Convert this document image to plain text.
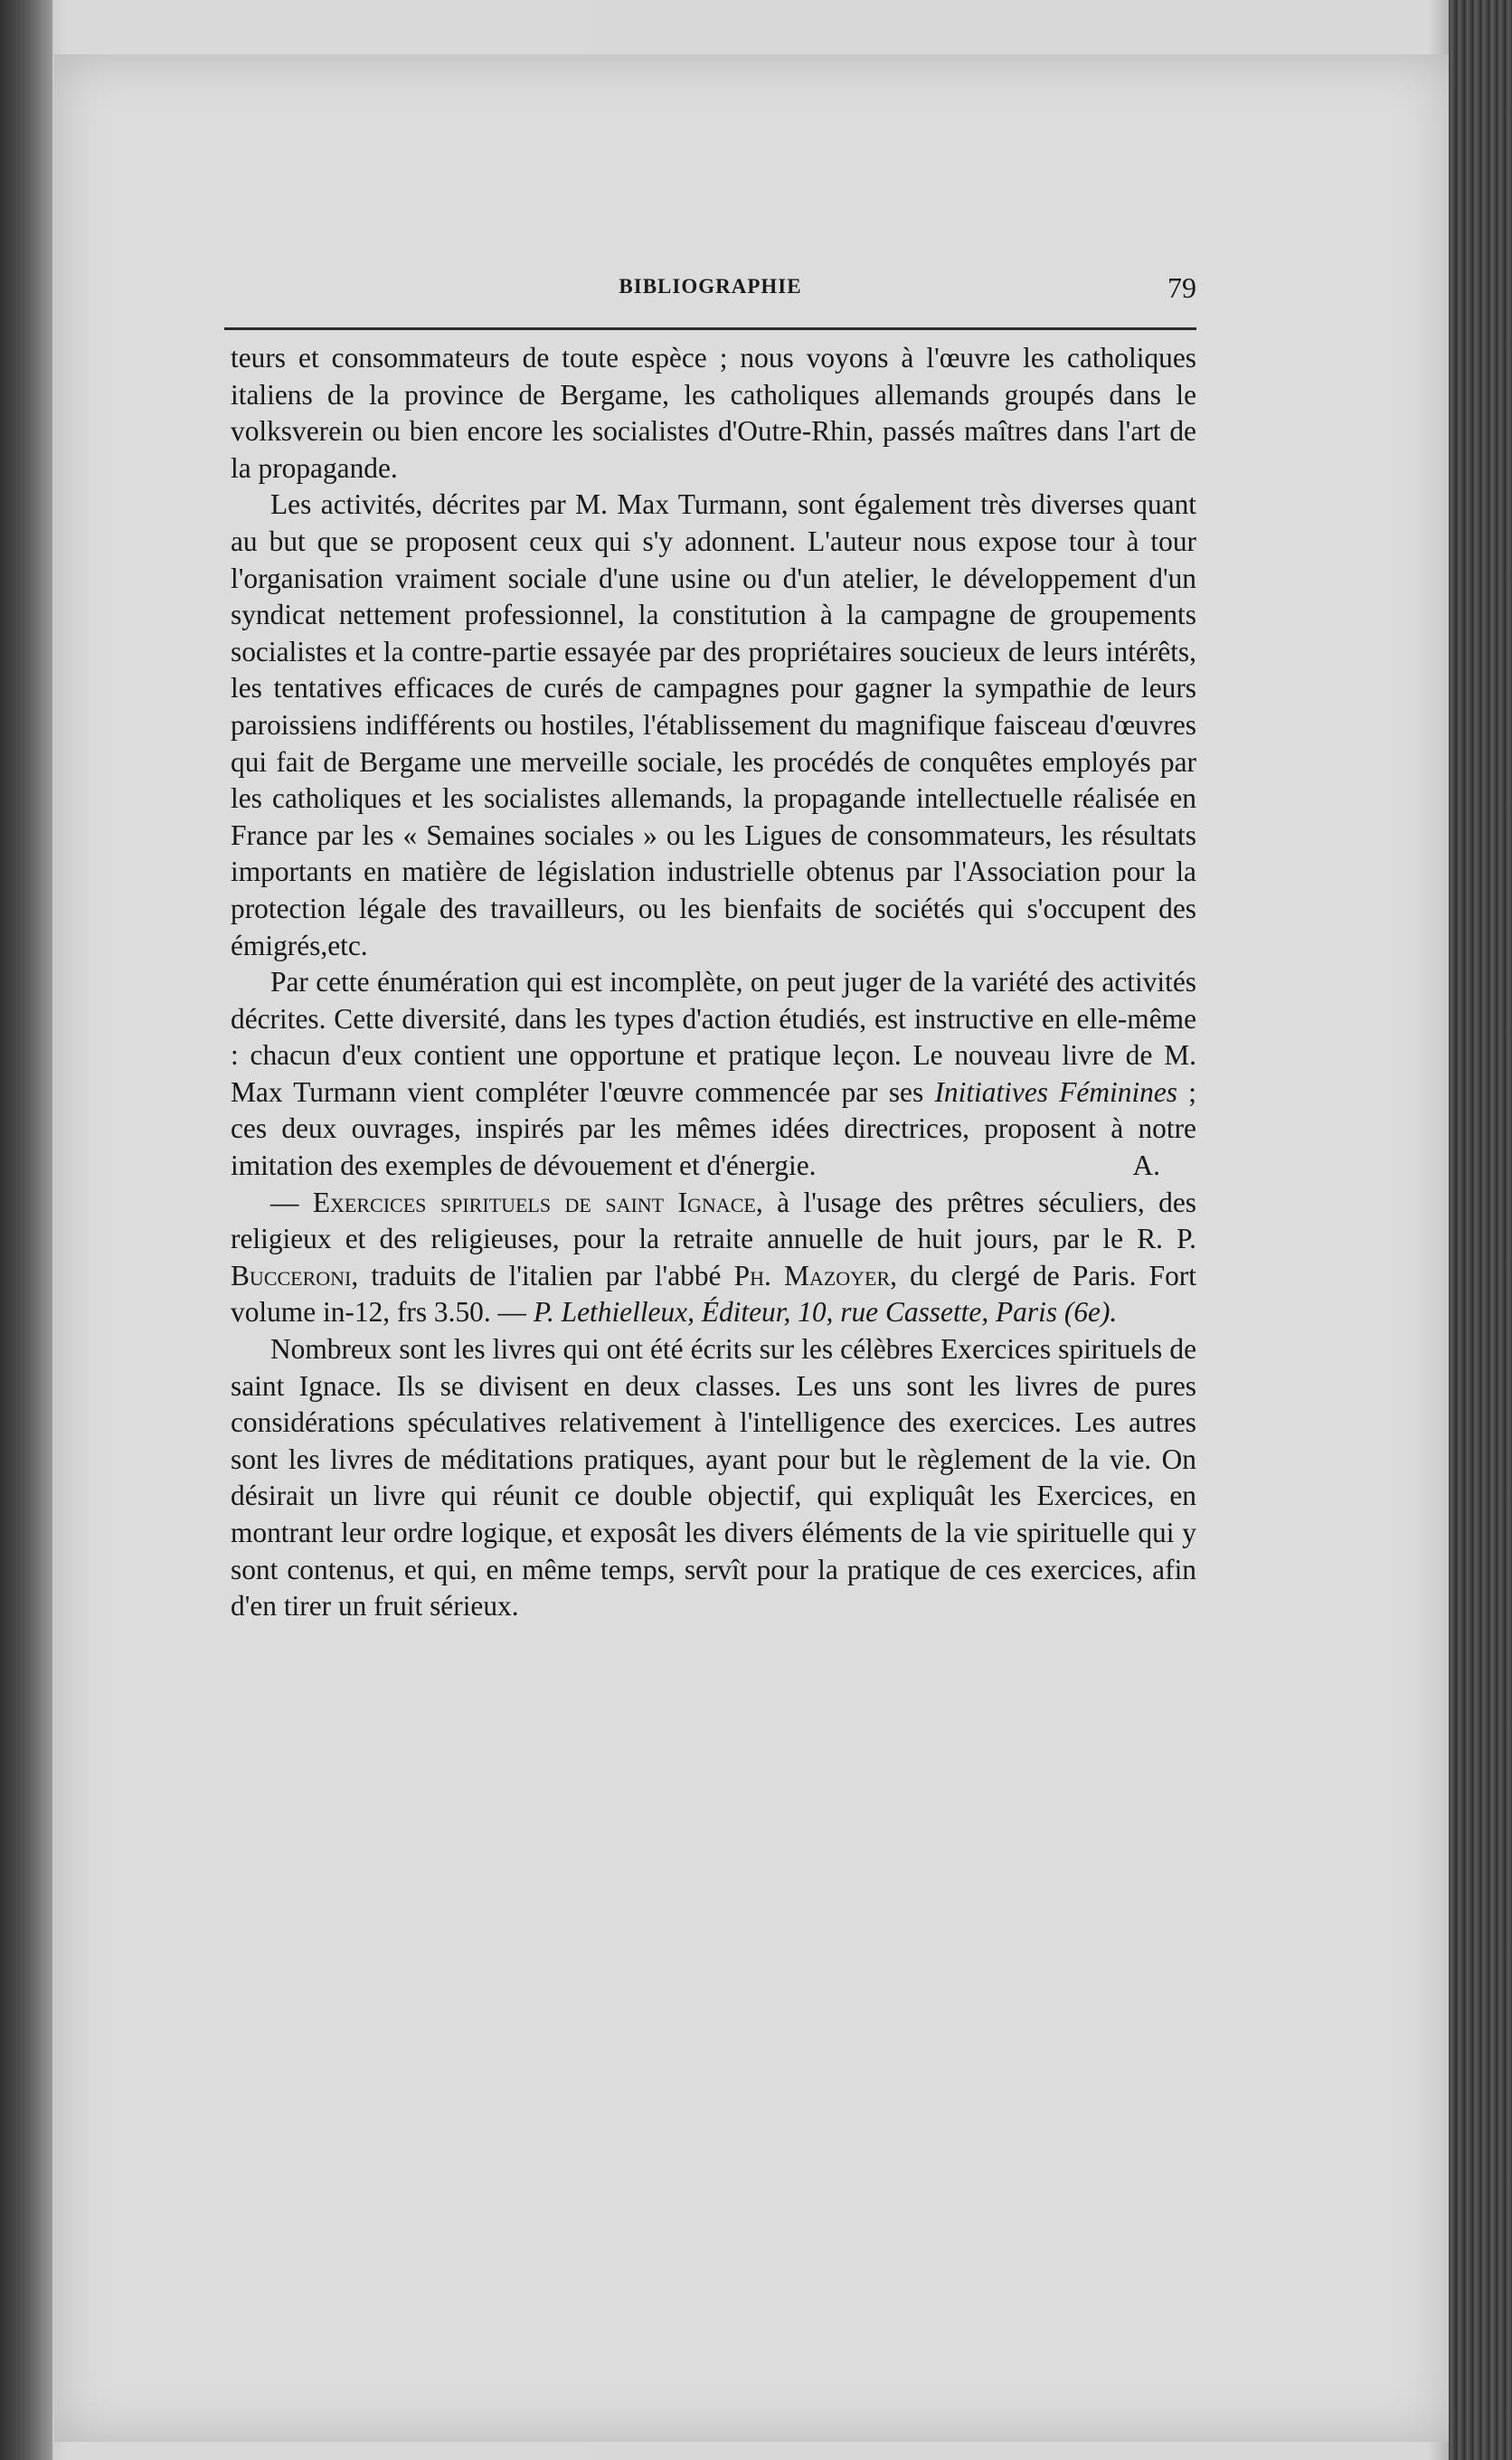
BIBLIOGRAPHIE	79

teurs et consommateurs de toute espèce ; nous voyons à l'œuvre les catholiques italiens de la province de Bergame, les catholiques allemands groupés dans le volksverein ou bien encore les socialistes d'Outre-Rhin, passés maîtres dans l'art de la propagande.

Les activités, décrites par M. Max Turmann, sont également très diverses quant au but que se proposent ceux qui s'y adonnent. L'auteur nous expose tour à tour l'organisation vraiment sociale d'une usine ou d'un atelier, le développement d'un syndicat nettement professionnel, la constitution à la campagne de groupements socialistes et la contre-partie essayée par des propriétaires soucieux de leurs intérêts, les tentatives efficaces de curés de campagnes pour gagner la sympathie de leurs paroissiens indifférents ou hostiles, l'établissement du magnifique faisceau d'œuvres qui fait de Bergame une merveille sociale, les procédés de conquêtes employés par les catholiques et les socialistes allemands, la propagande intellectuelle réalisée en France par les « Semaines sociales » ou les Ligues de consommateurs, les résultats importants en matière de législation industrielle obtenus par l'Association pour la protection légale des travailleurs, ou les bienfaits de sociétés qui s'occupent des émigrés,etc.

Par cette énumération qui est incomplète, on peut juger de la variété des activités décrites. Cette diversité, dans les types d'action étudiés, est instructive en elle-même : chacun d'eux contient une opportune et pratique leçon. Le nouveau livre de M. Max Turmann vient compléter l'œuvre commencée par ses Initiatives Féminines ; ces deux ouvrages, inspirés par les mêmes idées directrices, proposent à notre imitation des exemples de dévouement et d'énergie.	A.

— Exercices spirituels de saint Ignace, à l'usage des prêtres séculiers, des religieux et des religieuses, pour la retraite annuelle de huit jours, par le R. P. Bucceroni, traduits de l'italien par l'abbé Ph. Mazoyer, du clergé de Paris. Fort volume in-12, frs 3.50. — P. Lethielleux, Éditeur, 10, rue Cassette, Paris (6e).

Nombreux sont les livres qui ont été écrits sur les célèbres Exercices spirituels de saint Ignace. Ils se divisent en deux classes. Les uns sont les livres de pures considérations spéculatives relativement à l'intelligence des exercices. Les autres sont les livres de méditations pratiques, ayant pour but le règlement de la vie. On désirait un livre qui réunit ce double objectif, qui expliquât les Exercices, en montrant leur ordre logique, et exposât les divers éléments de la vie spirituelle qui y sont contenus, et qui, en même temps, servît pour la pratique de ces exercices, afin d'en tirer un fruit sérieux.
